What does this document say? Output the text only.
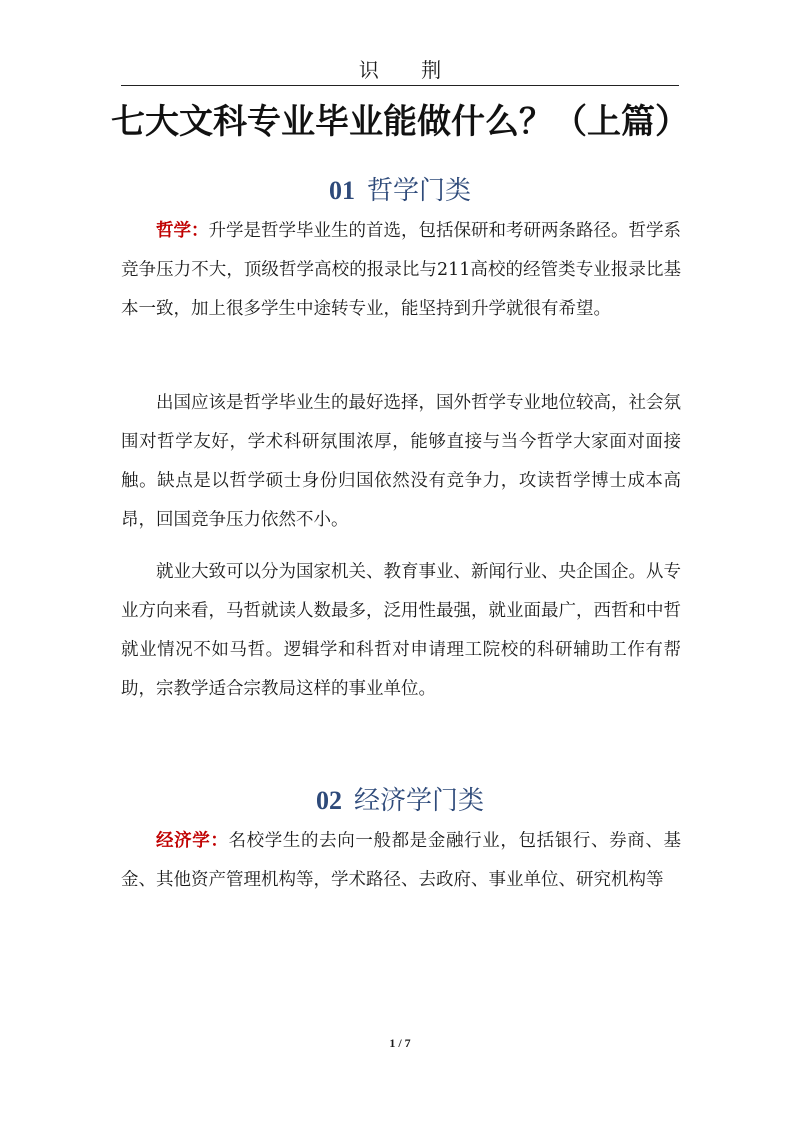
识 荆
七大文科专业毕业能做什么？（上篇）
01 哲学门类

哲学：升学是哲学毕业生的首选，包括保研和考研两条路径。哲学系竞争压力不大，顶级哲学高校的报录比与211高校的经管类专业报录比基本一致，加上很多学生中途转专业，能坚持到升学就很有希望。

出国应该是哲学毕业生的最好选择，国外哲学专业地位较高，社会氛围对哲学友好，学术科研氛围浓厚，能够直接与当今哲学大家面对面接触。缺点是以哲学硕士身份归国依然没有竞争力，攻读哲学博士成本高昂，回国竞争压力依然不小。

就业大致可以分为国家机关、教育事业、新闻行业、央企国企。从专业方向来看，马哲就读人数最多，泛用性最强，就业面最广，西哲和中哲就业情况不如马哲。逻辑学和科哲对申请理工院校的科研辅助工作有帮助，宗教学适合宗教局这样的事业单位。

02 经济学门类

经济学：名校学生的去向一般都是金融行业，包括银行、券商、基金、其他资产管理机构等，学术路径、去政府、事业单位、研究机构等

1 / 7
